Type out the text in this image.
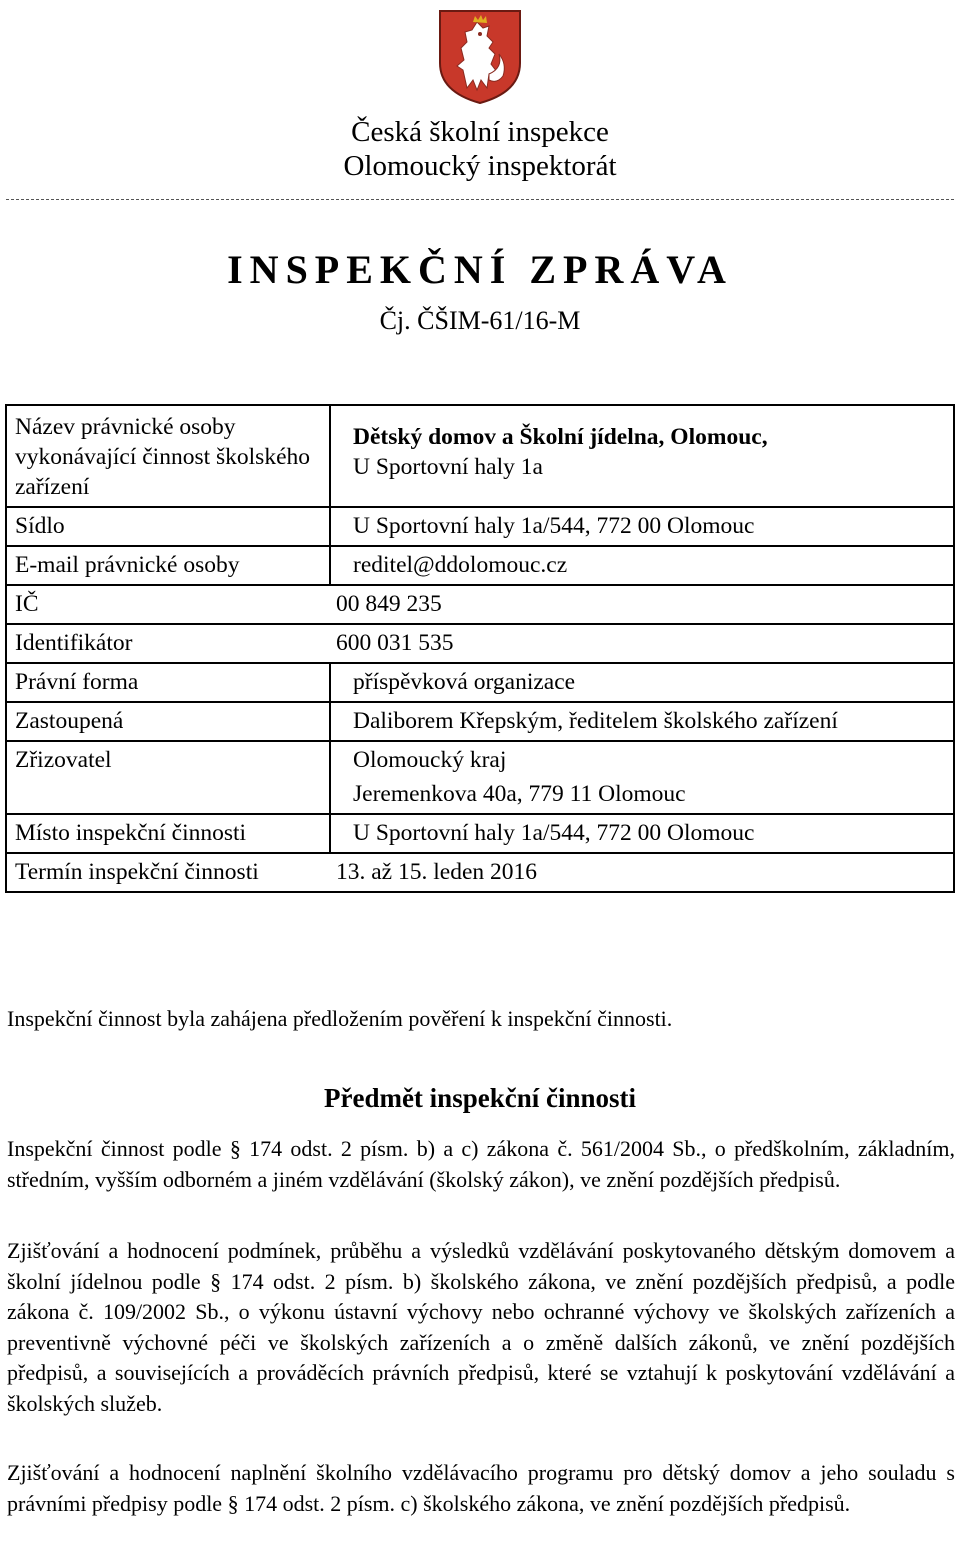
Česká školní inspekce
Olomoucký inspektorát
INSPEKČNÍ ZPRÁVA
Čj. ČŠIM-61/16-M
Název právnické osoby vykonávající činnost školského zařízení	Dětský domov a Školní jídelna, Olomouc,
U Sportovní haly 1a

Sídlo	U Sportovní haly 1a/544, 772 00 Olomouc
E-mail právnické osoby	reditel@ddolomouc.cz
IČ 00 849 235	
Identifikátor 600 031 535	
Právní forma	příspěvková organizace
Zastoupená	Daliborem Křepským, ředitelem školského zařízení
Zřizovatel	Olomoucký kraj
Jeremenkova 40a, 779 11 Olomouc

Místo inspekční činnosti	U Sportovní haly 1a/544, 772 00 Olomouc
Termín inspekční činnosti 13. až 15. leden 2016	
Inspekční činnost byla zahájena předložením pověření k inspekční činnosti.
Předmět inspekční činnosti
Inspekční činnost podle § 174 odst. 2 písm. b) a c) zákona č. 561/2004 Sb., o předškolním, základním, středním, vyšším odborném a jiném vzdělávání (školský zákon), ve znění pozdějších předpisů.
Zjišťování a hodnocení podmínek, průběhu a výsledků vzdělávání poskytovaného dětským domovem a školní jídelnou podle § 174 odst. 2 písm. b) školského zákona, ve znění pozdějších předpisů, a podle zákona č. 109/2002 Sb., o výkonu ústavní výchovy nebo ochranné výchovy ve školských zařízeních a preventivně výchovné péči ve školských zařízeních a o změně dalších zákonů, ve znění pozdějších předpisů, a souvisejících a prováděcích právních předpisů, které se vztahují k poskytování vzdělávání a školských služeb.
Zjišťování a hodnocení naplnění školního vzdělávacího programu pro dětský domov a jeho souladu s právními předpisy podle § 174 odst. 2 písm. c) školského zákona, ve znění pozdějších předpisů.
